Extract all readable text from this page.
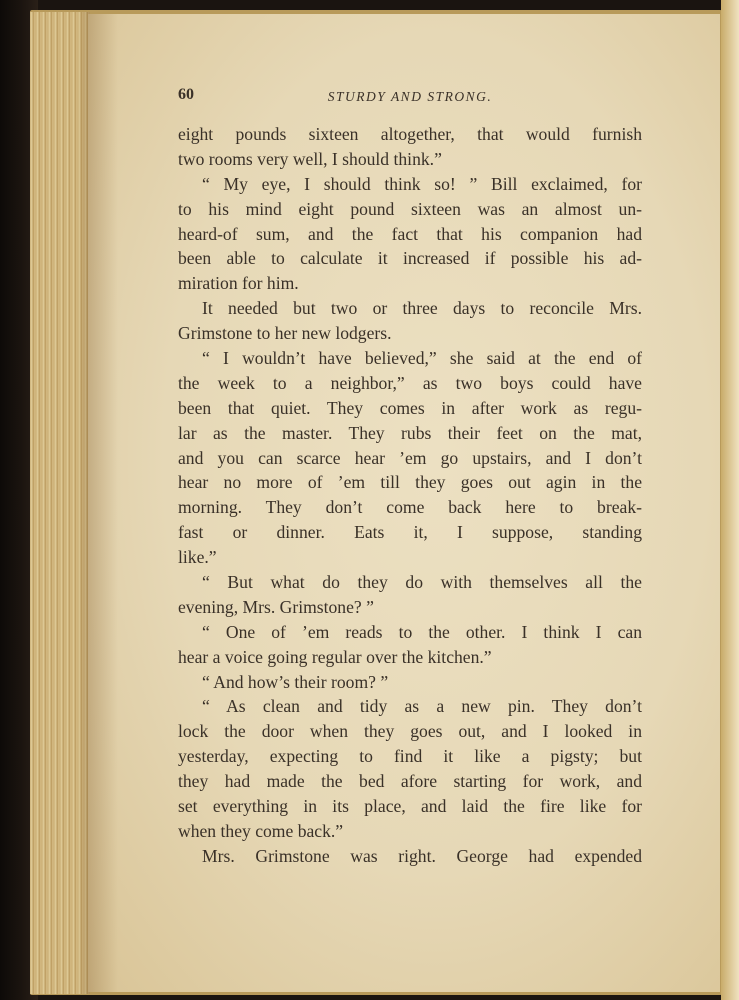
60	STURDY AND STRONG.
eight pounds sixteen altogether, that would furnish
two rooms very well, I should think.”
“ My eye, I should think so! ” Bill exclaimed, for
to his mind eight pound sixteen was an almost un-
heard-of sum, and the fact that his companion had
been able to calculate it increased if possible his ad-
miration for him.
It needed but two or three days to reconcile Mrs.
Grimstone to her new lodgers.
“ I wouldn’t have believed,” she said at the end of
the week to a neighbor,” as two boys could have
been that quiet. They comes in after work as regu-
lar as the master. They rubs their feet on the mat,
and you can scarce hear ’em go upstairs, and I don’t
hear no more of ’em till they goes out agin in the
morning. They don’t come back here to break-
fast or dinner. Eats it, I suppose, standing
like.”
“ But what do they do with themselves all the
evening, Mrs. Grimstone? ”
“ One of ’em reads to the other. I think I can
hear a voice going regular over the kitchen.”
“ And how’s their room? ”
“ As clean and tidy as a new pin. They don’t
lock the door when they goes out, and I looked in
yesterday, expecting to find it like a pigsty; but
they had made the bed afore starting for work, and
set everything in its place, and laid the fire like for
when they come back.”
Mrs. Grimstone was right. George had expended
